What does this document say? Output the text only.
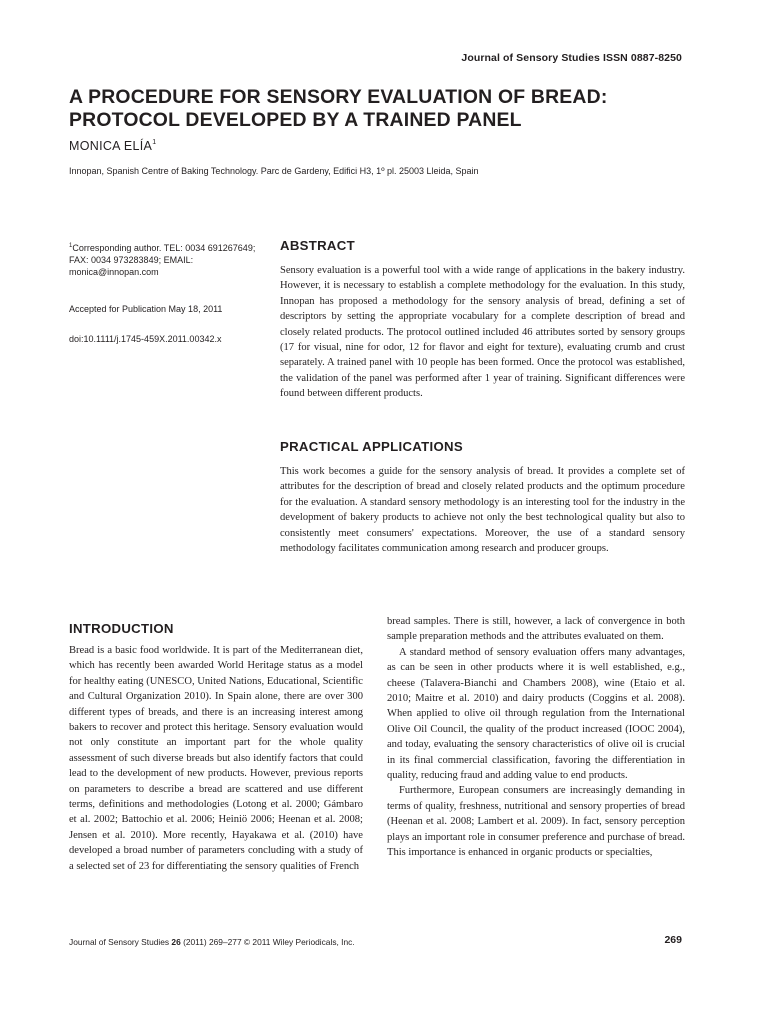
Journal of Sensory Studies ISSN 0887-8250
A PROCEDURE FOR SENSORY EVALUATION OF BREAD: PROTOCOL DEVELOPED BY A TRAINED PANEL
MONICA ELÍA$^1$
Innopan, Spanish Centre of Baking Technology. Parc de Gardeny, Edifici H3, 1º pl. 25003 Lleida, Spain

$^1$Corresponding author. TEL: 0034 691267649; FAX: 0034 973283849; EMAIL: monica@innopan.com

Accepted for Publication May 18, 2011

doi:10.1111/j.1745-459X.2011.00342.x

ABSTRACT

Sensory evaluation is a powerful tool with a wide range of applications in the bakery industry. However, it is necessary to establish a complete methodology for the evaluation. In this study, Innopan has proposed a methodology for the sensory analysis of bread, defining a set of descriptors by setting the appropriate vocabulary for a complete description of bread and closely related products. The protocol outlined included 46 attributes sorted by sensory groups (17 for visual, nine for odor, 12 for flavor and eight for texture), evaluating crumb and crust separately. A trained panel with 10 people has been formed. Once the protocol was established, the validation of the panel was performed after 1 year of training. Significant differences were found between different products.

PRACTICAL APPLICATIONS

This work becomes a guide for the sensory analysis of bread. It provides a complete set of attributes for the description of bread and closely related products and the optimum procedure for the evaluation. A standard sensory methodology is an interesting tool for the industry in the development of bakery products to achieve not only the best technological quality but also to consistently meet consumers' expectations. Moreover, the use of a standard sensory methodology facilitates communication among research and producer groups.

INTRODUCTION

Bread is a basic food worldwide. It is part of the Mediterranean diet, which has recently been awarded World Heritage status as a model for healthy eating (UNESCO, United Nations, Educational, Scientific and Cultural Organization 2010). In Spain alone, there are over 300 different types of breads, and there is an increasing interest among bakers to recover and protect this heritage. Sensory evaluation would not only constitute an important part for the whole quality assessment of such diverse breads but also identify factors that could lead to the development of new products. However, previous reports on parameters to describe a bread are scattered and use different terms, definitions and methodologies (Lotong et al. 2000; Gámbaro et al. 2002; Battochio et al. 2006; Heiniö 2006; Heenan et al. 2008; Jensen et al. 2010). More recently, Hayakawa et al. (2010) have developed a broad number of parameters concluding with a study of a selected set of 23 for differentiating the sensory qualities of French

bread samples. There is still, however, a lack of convergence in both sample preparation methods and the attributes evaluated on them.

A standard method of sensory evaluation offers many advantages, as can be seen in other products where it is well established, e.g., cheese (Talavera-Bianchi and Chambers 2008), wine (Etaio et al. 2010; Maitre et al. 2010) and dairy products (Coggins et al. 2008). When applied to olive oil through regulation from the International Olive Oil Council, the quality of the product increased (IOOC 2004), and today, evaluating the sensory characteristics of olive oil is crucial in its final commercial classification, favoring the differentiation in quality, reducing fraud and adding value to end products.

Furthermore, European consumers are increasingly demanding in terms of quality, freshness, nutritional and sensory properties of bread (Heenan et al. 2008; Lambert et al. 2009). In fact, sensory perception plays an important role in consumer preference and purchase of bread. This importance is enhanced in organic products or specialties,

Journal of Sensory Studies 26 (2011) 269–277 © 2011 Wiley Periodicals, Inc.	269
